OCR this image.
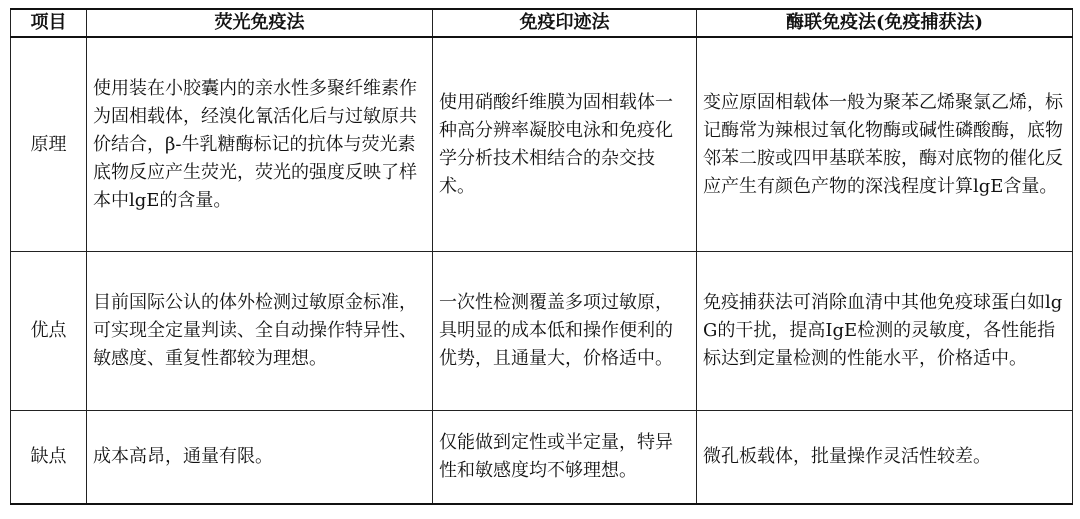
项目	荧光免疫法	免疫印迹法	酶联免疫法(免疫捕获法)
原理	使用装在小胶囊内的亲水性多聚纤维素作为固相载体，经溴化氰活化后与过敏原共价结合，β-牛乳糖酶标记的抗体与荧光素底物反应产生荧光，荧光的强度反映了样本中lgE的含量。	使用硝酸纤维膜为固相载体一种高分辨率凝胶电泳和免疫化学分析技术相结合的杂交技术。	变应原固相载体一般为聚苯乙烯聚氯乙烯，标记酶常为辣根过氧化物酶或碱性磷酸酶，底物邻苯二胺或四甲基联苯胺，酶对底物的催化反应产生有颜色产物的深浅程度计算lgE含量。
优点	目前国际公认的体外检测过敏原金标准，可实现全定量判读、全自动操作特异性、敏感度、重复性都较为理想。	一次性检测覆盖多项过敏原，具明显的成本低和操作便利的优势，且通量大，价格适中。	免疫捕获法可消除血清中其他免疫球蛋白如lgG的干扰，提高IgE检测的灵敏度，各性能指标达到定量检测的性能水平，价格适中。
缺点	成本高昂，通量有限。	仅能做到定性或半定量，特异性和敏感度均不够理想。	微孔板载体，批量操作灵活性较差。
